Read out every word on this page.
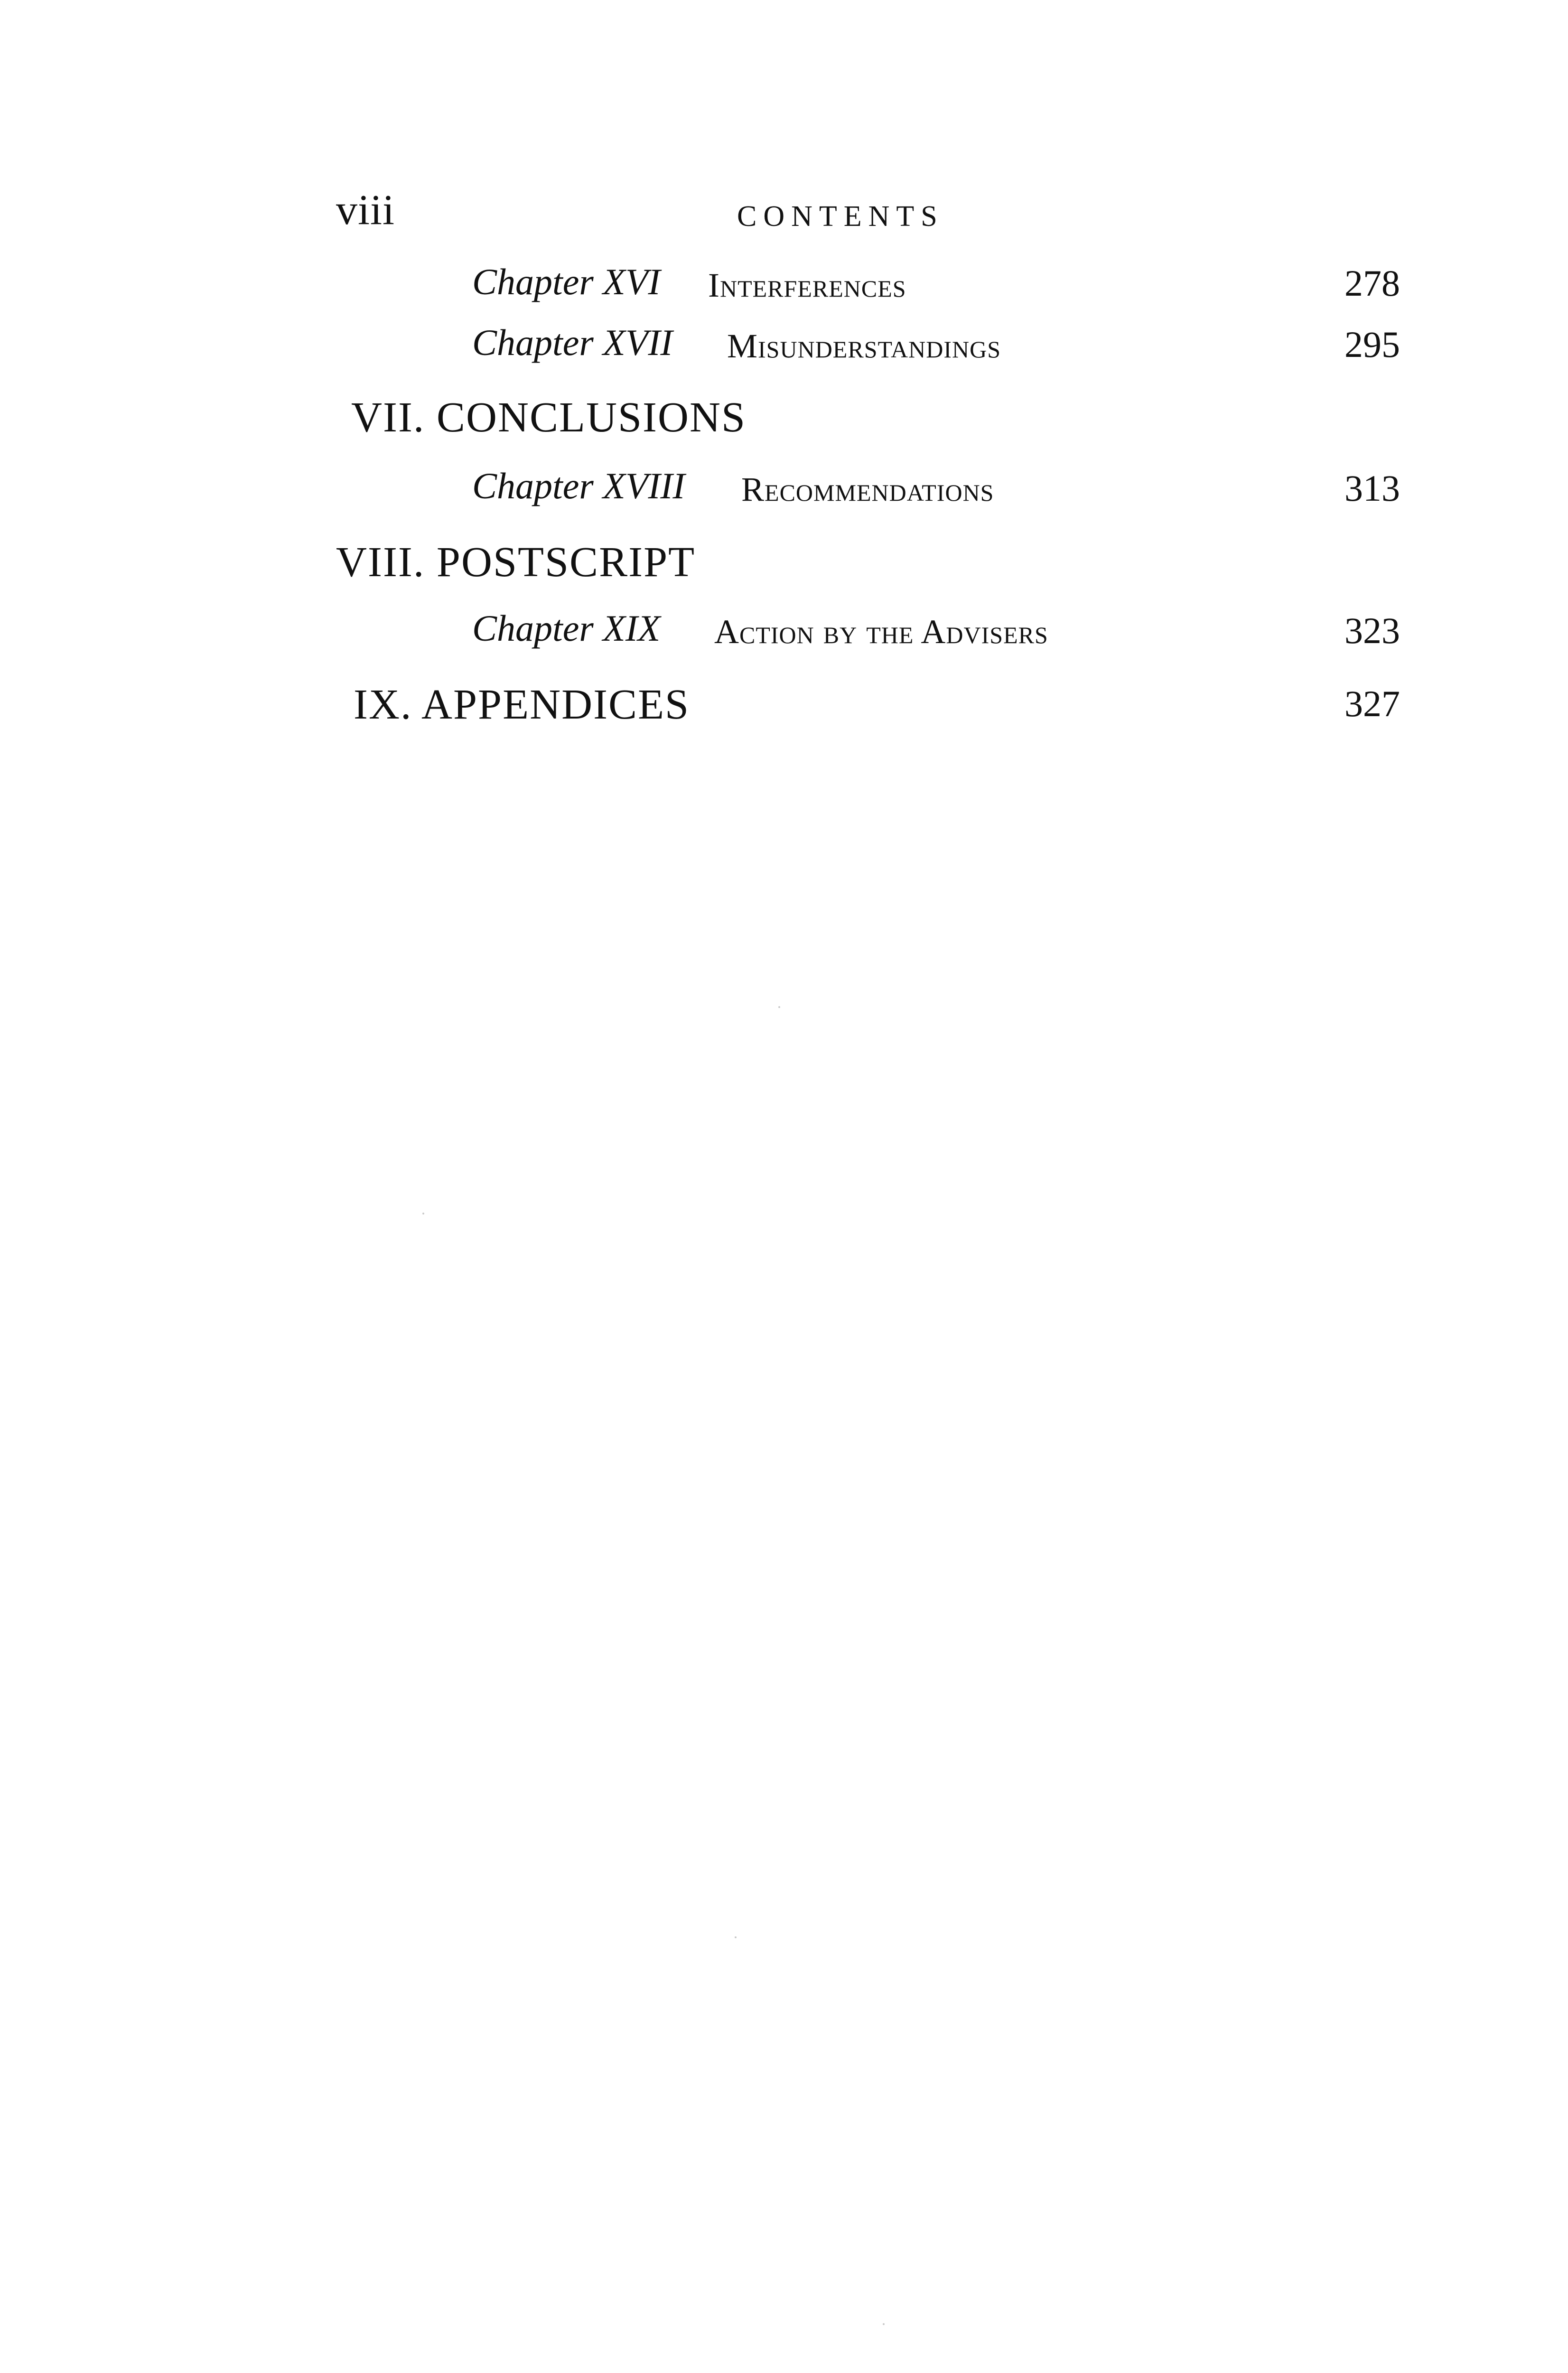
viii	CONTENTS
Chapter XVI Interferences	278
Chapter XVII Misunderstandings	295
VII. CONCLUSIONS
Chapter XVIII Recommendations	313
VIII. POSTSCRIPT
Chapter XIX Action by the Advisers	323
IX. APPENDICES	327
